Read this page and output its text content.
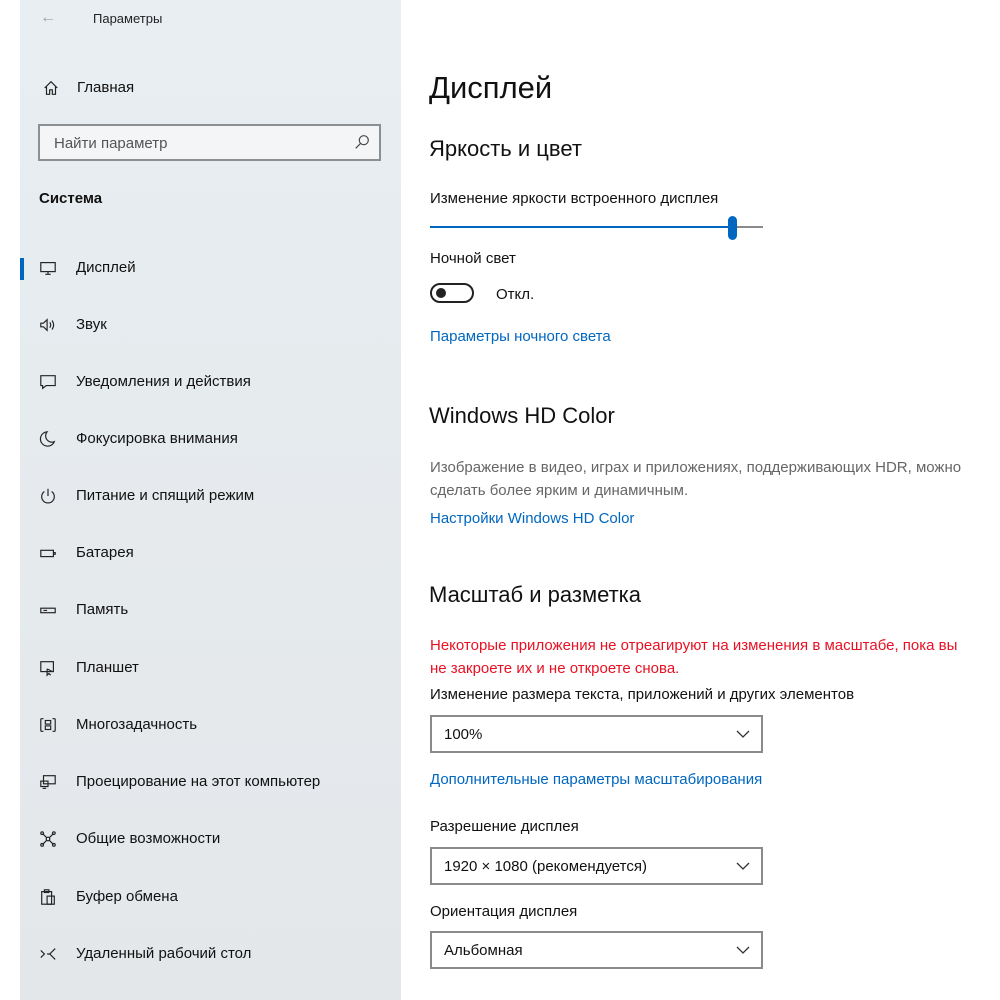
←	Параметры
Главная
Найти параметр
Система
Дисплей
Звук
Уведомления и действия
Фокусировка внимания
Питание и спящий режим
Батарея
Память
Планшет
Многозадачность
Проецирование на этот компьютер
Общие возможности
Буфер обмена
Удаленный рабочий стол
Дисплей
Яркость и цвет
Изменение яркости встроенного дисплея
Ночной свет
Откл.
Параметры ночного света
Windows HD Color
Изображение в видео, играх и приложениях, поддерживающих HDR, можно сделать более ярким и динамичным.
Настройки Windows HD Color
Масштаб и разметка
Некоторые приложения не отреагируют на изменения в масштабе, пока вы не закроете их и не откроете снова.
Изменение размера текста, приложений и других элементов
100%
Дополнительные параметры масштабирования
Разрешение дисплея
1920 × 1080 (рекомендуется)
Ориентация дисплея
Альбомная
